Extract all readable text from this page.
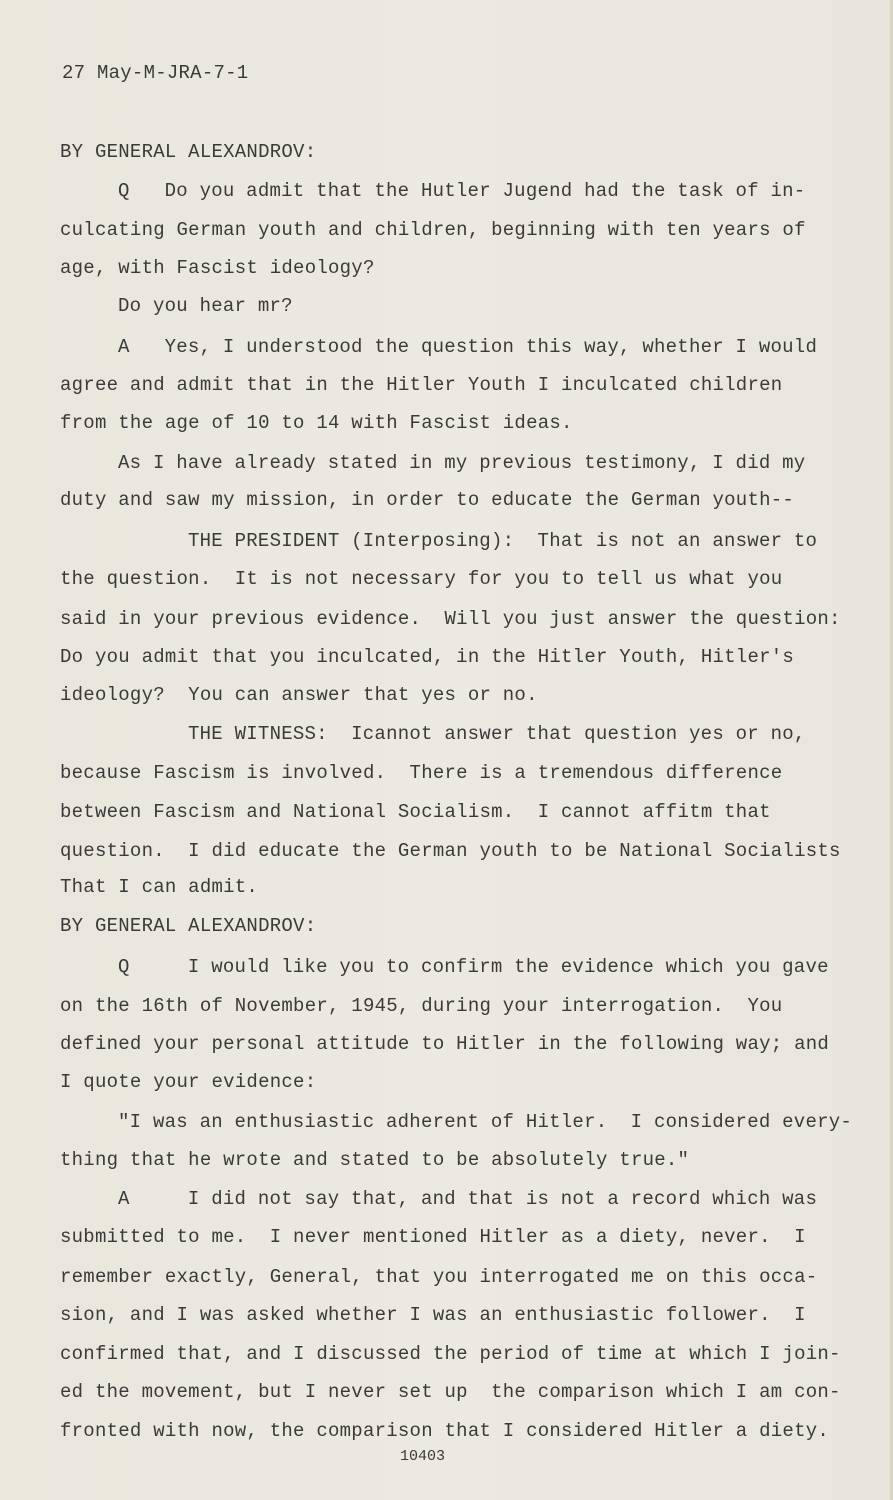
27 May-M-JRA-7-1
BY GENERAL ALEXANDROV:
Q   Do you admit that the Hutler Jugend had the task of in-
culcating German youth and children, beginning with ten years of
age, with Fascist ideology?
Do you hear mr?
A   Yes, I understood the question this way, whether I would
agree and admit that in the Hitler Youth I inculcated children
from the age of 10 to 14 with Fascist ideas.
As I have already stated in my previous testimony, I did my
duty and saw my mission, in order to educate the German youth--
THE PRESIDENT (Interposing):  That is not an answer to
the question.  It is not necessary for you to tell us what you
said in your previous evidence.  Will you just answer the question:
Do you admit that you inculcated, in the Hitler Youth, Hitler's
ideology?  You can answer that yes or no.
THE WITNESS:  Icannot answer that question yes or no,
because Fascism is involved.  There is a tremendous difference
between Fascism and National Socialism.  I cannot affitm that
question.  I did educate the German youth to be National Socialists
That I can admit.
BY GENERAL ALEXANDROV:
Q     I would like you to confirm the evidence which you gave
on the 16th of November, 1945, during your interrogation.  You
defined your personal attitude to Hitler in the following way; and
I quote your evidence:
"I was an enthusiastic adherent of Hitler.  I considered every-
thing that he wrote and stated to be absolutely true."
A     I did not say that, and that is not a record which was
submitted to me.  I never mentioned Hitler as a diety, never.  I
remember exactly, General, that you interrogated me on this occa-
sion, and I was asked whether I was an enthusiastic follower.  I
confirmed that, and I discussed the period of time at which I join-
ed the movement, but I never set up  the comparison which I am con-
fronted with now, the comparison that I considered Hitler a diety.
10403
